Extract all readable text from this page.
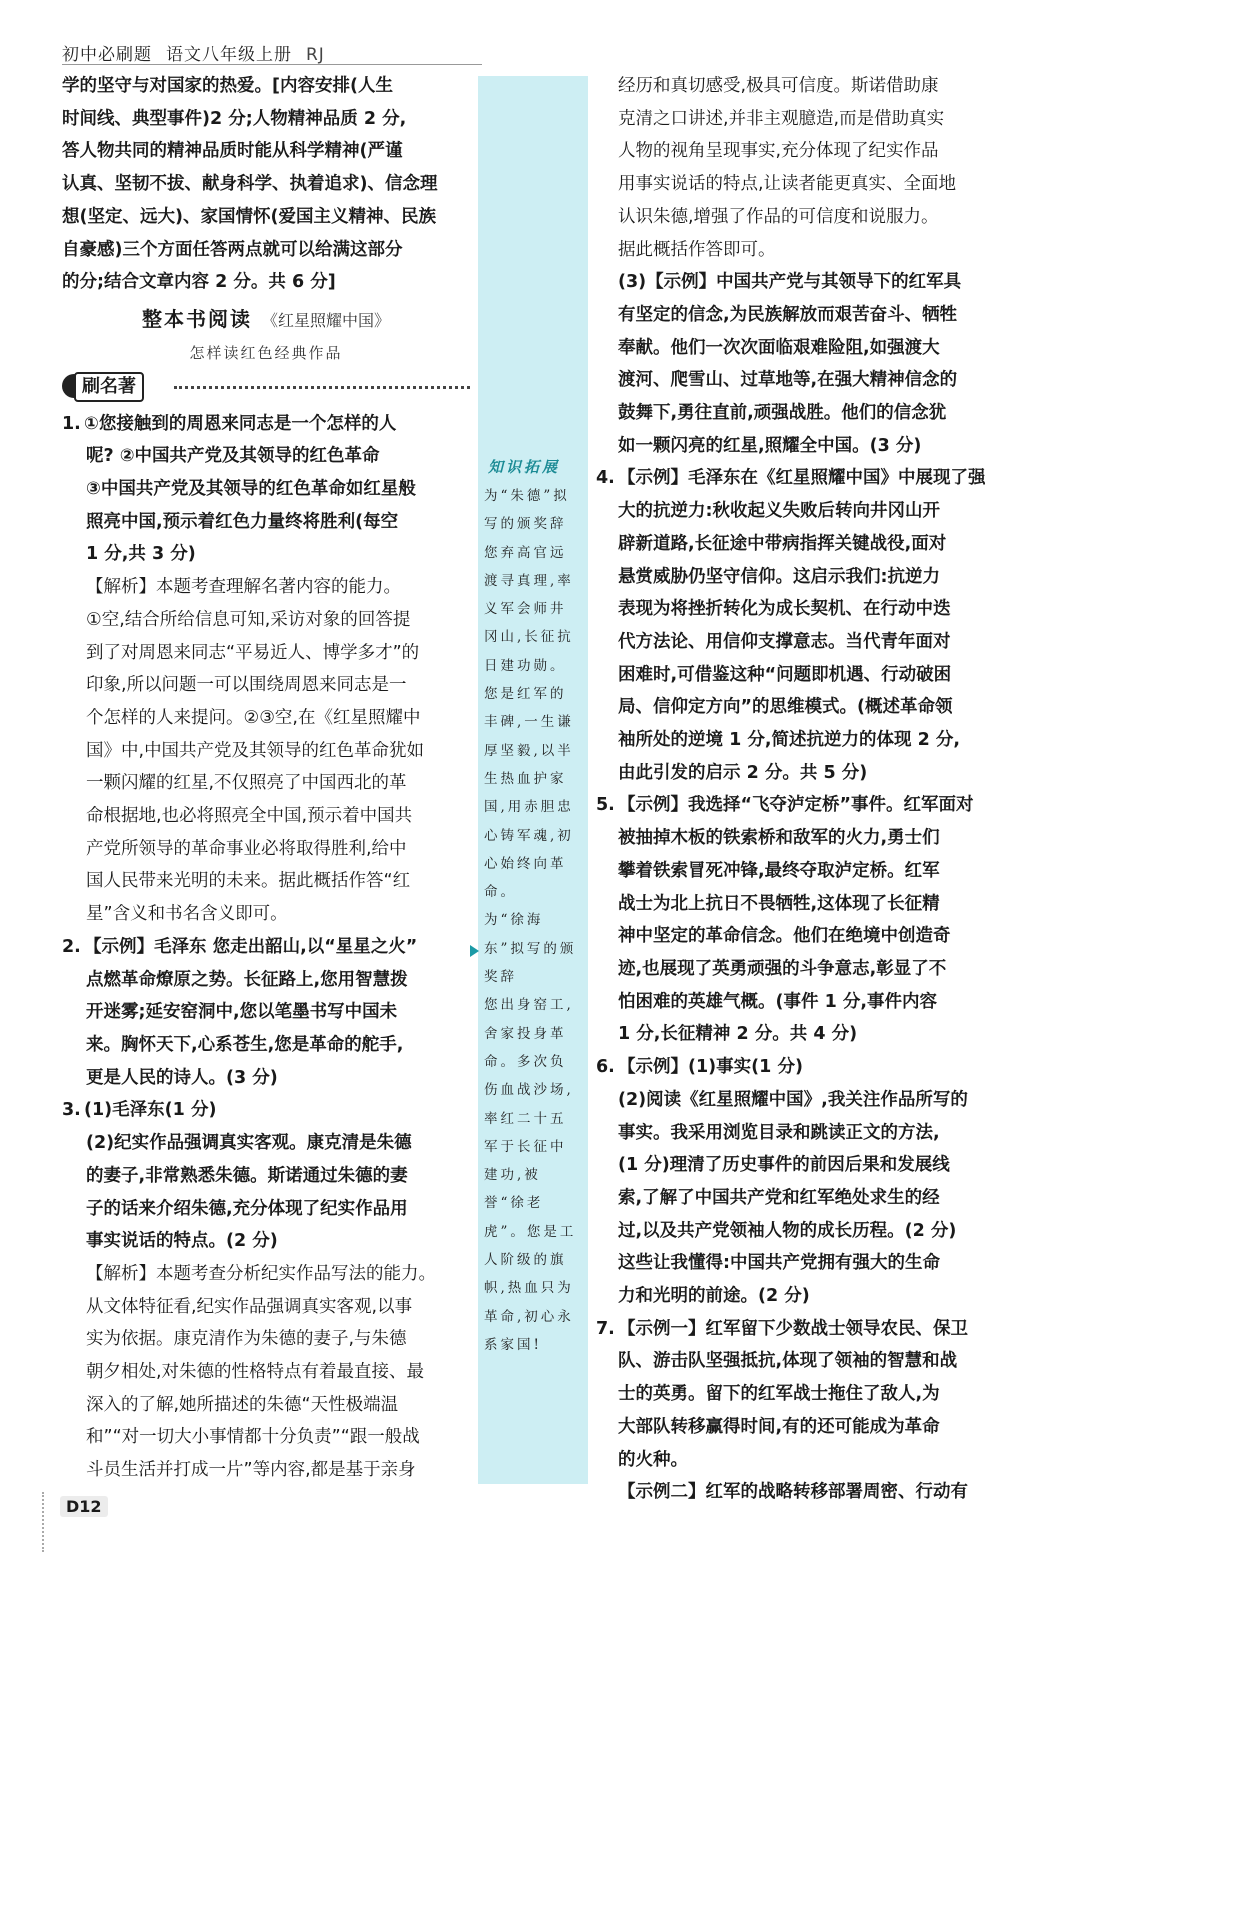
初中必刷题 语文八年级上册 RJ

学的坚守与对国家的热爱。[内容安排(人生

时间线、典型事件)2 分;人物精神品质 2 分,

答人物共同的精神品质时能从科学精神(严谨

认真、坚韧不拔、献身科学、执着追求)、信念理

想(坚定、远大)、家国情怀(爱国主义精神、民族

自豪感)三个方面任答两点就可以给满这部分

的分;结合文章内容 2 分。共 6 分]

整本书阅读 《红星照耀中国》
怎样读红色经典作品
刷名著

1. ①您接触到的周恩来同志是一个怎样的人

呢? ②中国共产党及其领导的红色革命

③中国共产党及其领导的红色革命如红星般

照亮中国,预示着红色力量终将胜利(每空

1 分,共 3 分)

【解析】本题考查理解名著内容的能力。

①空,结合所给信息可知,采访对象的回答提

到了对周恩来同志“平易近人、博学多才”的

印象,所以问题一可以围绕周恩来同志是一

个怎样的人来提问。②③空,在《红星照耀中

国》中,中国共产党及其领导的红色革命犹如

一颗闪耀的红星,不仅照亮了中国西北的革

命根据地,也必将照亮全中国,预示着中国共

产党所领导的革命事业必将取得胜利,给中

国人民带来光明的未来。据此概括作答“红

星”含义和书名含义即可。

2. 【示例】毛泽东 您走出韶山,以“星星之火”

点燃革命燎原之势。长征路上,您用智慧拨

开迷雾;延安窑洞中,您以笔墨书写中国未

来。胸怀天下,心系苍生,您是革命的舵手,

更是人民的诗人。(3 分)

3. (1)毛泽东(1 分)

(2)纪实作品强调真实客观。康克清是朱德

的妻子,非常熟悉朱德。斯诺通过朱德的妻

子的话来介绍朱德,充分体现了纪实作品用

事实说话的特点。(2 分)

【解析】本题考查分析纪实作品写法的能力。

从文体特征看,纪实作品强调真实客观,以事

实为依据。康克清作为朱德的妻子,与朱德

朝夕相处,对朱德的性格特点有着最直接、最

深入的了解,她所描述的朱德“天性极端温

和”“对一切大小事情都十分负责”“跟一般战

斗员生活并打成一片”等内容,都是基于亲身

知识拓展

为“朱德”拟写的颁奖辞

您弃高官远渡寻真理,率义军会师井冈山,长征抗日建功勋。您是红军的丰碑,一生谦厚坚毅,以半生热血护家国,用赤胆忠心铸军魂,初心始终向革命。

为“徐海东”拟写的颁奖辞

您出身窑工,舍家投身革命。多次负伤血战沙场,率红二十五军于长征中建功,被誉“徐老虎”。您是工人阶级的旗帜,热血只为革命,初心永系家国!

经历和真切感受,极具可信度。斯诺借助康

克清之口讲述,并非主观臆造,而是借助真实

人物的视角呈现事实,充分体现了纪实作品

用事实说话的特点,让读者能更真实、全面地

认识朱德,增强了作品的可信度和说服力。

据此概括作答即可。

(3)【示例】中国共产党与其领导下的红军具

有坚定的信念,为民族解放而艰苦奋斗、牺牲

奉献。他们一次次面临艰难险阻,如强渡大

渡河、爬雪山、过草地等,在强大精神信念的

鼓舞下,勇往直前,顽强战胜。他们的信念犹

如一颗闪亮的红星,照耀全中国。(3 分)

4. 【示例】毛泽东在《红星照耀中国》中展现了强

大的抗逆力:秋收起义失败后转向井冈山开

辟新道路,长征途中带病指挥关键战役,面对

悬赏威胁仍坚守信仰。这启示我们:抗逆力

表现为将挫折转化为成长契机、在行动中迭

代方法论、用信仰支撑意志。当代青年面对

困难时,可借鉴这种“问题即机遇、行动破困

局、信仰定方向”的思维模式。(概述革命领

袖所处的逆境 1 分,简述抗逆力的体现 2 分,

由此引发的启示 2 分。共 5 分)

5. 【示例】我选择“飞夺泸定桥”事件。红军面对

被抽掉木板的铁索桥和敌军的火力,勇士们

攀着铁索冒死冲锋,最终夺取泸定桥。红军

战士为北上抗日不畏牺牲,这体现了长征精

神中坚定的革命信念。他们在绝境中创造奇

迹,也展现了英勇顽强的斗争意志,彰显了不

怕困难的英雄气概。(事件 1 分,事件内容

1 分,长征精神 2 分。共 4 分)

6. 【示例】(1)事实(1 分)

(2)阅读《红星照耀中国》,我关注作品所写的

事实。我采用浏览目录和跳读正文的方法,

(1 分)理清了历史事件的前因后果和发展线

索,了解了中国共产党和红军绝处求生的经

过,以及共产党领袖人物的成长历程。(2 分)

这些让我懂得:中国共产党拥有强大的生命

力和光明的前途。(2 分)

7. 【示例一】红军留下少数战士领导农民、保卫

队、游击队坚强抵抗,体现了领袖的智慧和战

士的英勇。留下的红军战士拖住了敌人,为

大部队转移赢得时间,有的还可能成为革命

的火种。

【示例二】红军的战略转移部署周密、行动有

D12
